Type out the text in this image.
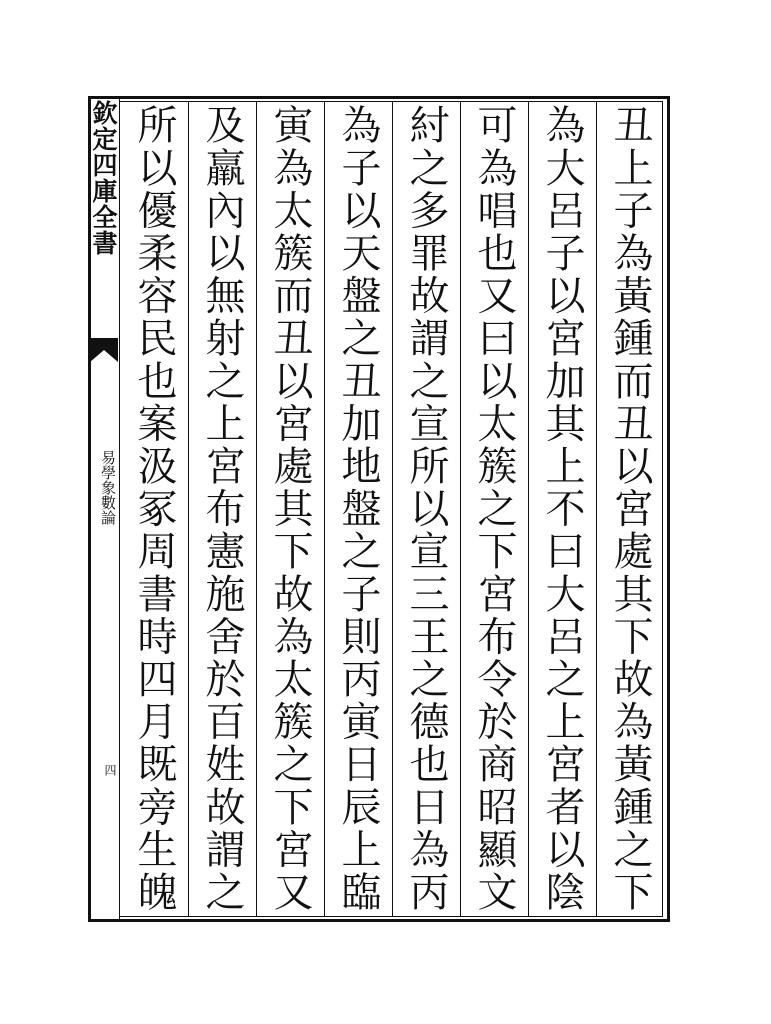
欽定四庫全書
易學象數論
四
丑上子為黃鍾而丑以宮處其下故為黃鍾之下
為大呂子以宮加其上不曰大呂之上宮者以陰
可為唱也又曰以太簇之下宮布令於商昭顯文
紂之多罪故謂之宣所以宣三王之德也日為丙
為子以天盤之丑加地盤之子則丙寅日辰上臨
寅為太簇而丑以宮處其下故為太簇之下宮又
及羸內以無射之上宮布憲施舍於百姓故謂之
所以優柔容民也案汲冢周書時四月既旁生魄
